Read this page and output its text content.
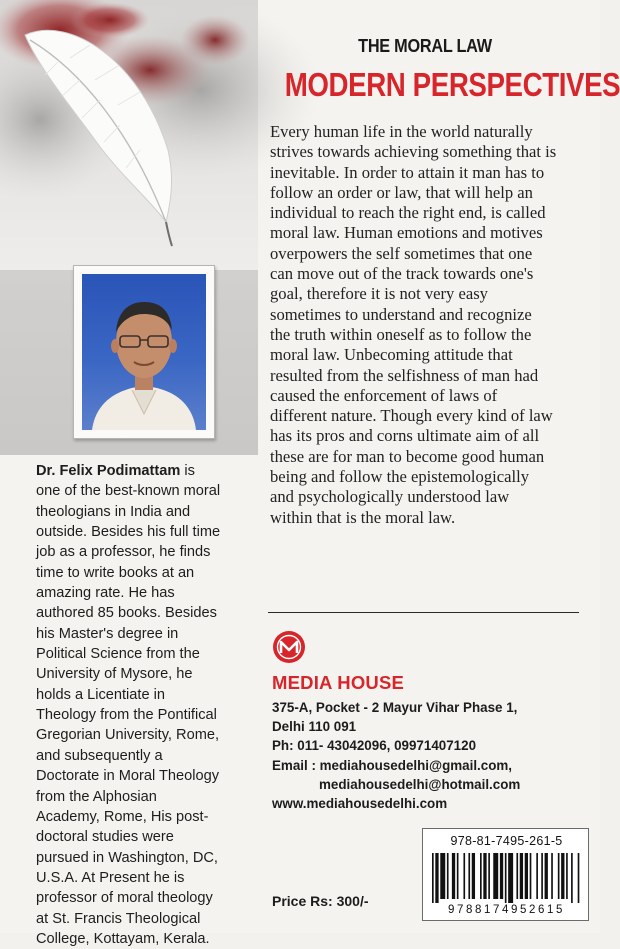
Dr. Felix Podimattam is
one of the best-known moral
theologians in India and
outside. Besides his full time
job as a professor, he finds
time to write books at an
amazing rate. He has
authored 85 books. Besides
his Master's degree in
Political Science from the
University of Mysore, he
holds a Licentiate in
Theology from the Pontifical
Gregorian University, Rome,
and subsequently a
Doctorate in Moral Theology
from the Alphosian
Academy, Rome, His post-
doctoral studies were
pursued in Washington, DC,
U.S.A. At Present he is
professor of moral theology
at St. Francis Theological
College, Kottayam, Kerala.
THE MORAL LAW
MODERN PERSPECTIVES
Every human life in the world naturally
strives towards achieving something that is
inevitable. In order to attain it man has to
follow an order or law, that will help an
individual to reach the right end, is called
moral law. Human emotions and motives
overpowers the self sometimes that one
can move out of the track towards one's
goal, therefore it is not very easy
sometimes to understand and recognize
the truth within oneself as to follow the
moral law. Unbecoming attitude that
resulted from the selfishness of man had
caused the enforcement of laws of
different nature. Though every kind of law
has its pros and corns ultimate aim of all
these are for man to become good human
being and follow the epistemologically
and psychologically understood law
within that is the moral law.
MEDIA HOUSE
375-A, Pocket - 2 Mayur Vihar Phase 1,
Delhi 110 091
Ph: 011- 43042096, 09971407120
Email : mediahousedelhi@gmail.com,
mediahousedelhi@hotmail.com
www.mediahousedelhi.com
978-81-7495-261-5
9788174952615
Price Rs: 300/-
